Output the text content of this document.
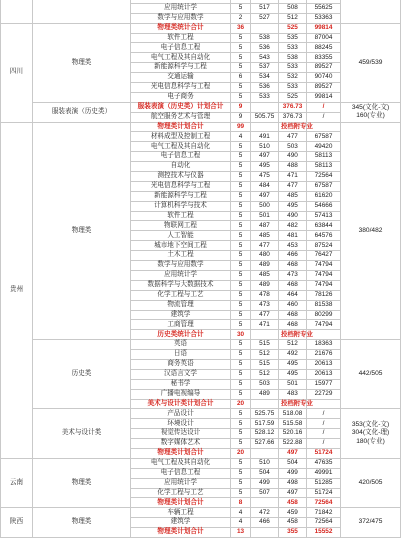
		应用统计学	5	517	508	55625	
		数学与应用数学	2	527	512	53363	
四川	物理类	物理类统计合计	36		525	99814	459/539

		软件工程	5	538	535	87004	
		电子信息工程	5	536	533	88245	
		电气工程及其自动化	5	543	538	83355	
		新能源科学与工程	5	537	533	89527	
		交通运输	6	534	532	90740	
		光电信息科学与工程	5	536	533	89527	
		电子商务	5	533	525	99814	
	服装表演（历史类）	服装表演（历史类）计划合计	9		376.73	/	345(文化-文)
160(专业)

		航空服务艺术与管理	9	505.75	376.73	/	
贵州	物理类	物理类计划合计	99		投档附专业		380/482

		材料成型及控制工程	4	491	477	67587	
		电气工程及其自动化	5	510	503	49420	
		电子信息工程	5	497	490	58113	
		自动化	5	495	488	58113	
		测控技术与仪器	5	475	471	72564	
		光电信息科学与工程	5	484	477	67587	
		新能源科学与工程	5	497	485	61620	
		计算机科学与技术	5	500	495	54666	
		软件工程	5	501	490	57413	
		物联网工程	5	487	482	63844	
		人工智能	5	485	481	64576	
		城市地下空间工程	5	477	453	87524	
		土木工程	5	480	466	76427	
		数学与应用数学	5	489	468	74794	
		应用统计学	5	485	473	74794	
		数据科学与大数据技术	5	489	468	74794	
		化学工程与工艺	5	478	464	78126	
		物流管理	5	473	460	81538	
		建筑学	5	477	468	80299	
		工商管理	5	471	468	74794	
		历史类统计合计	30		投档附专业		
	历史类	英语	5	515	512	18363	442/505

		日语	5	512	492	21676	
		商务英语	5	515	495	20613	
		汉语言文学	5	512	495	20613	
		秘书学	5	503	501	15977	
		广播电视编导	5	489	483	22729	
		美术与设计类计划合计	20		投档附专业		
	美术与设计类	产品设计	5	525.75	518.08	/	353(文化-文)
304(文化-理)
180(专业)

		环境设计	5	517.59	515.58	/	
		视觉传达设计	5	528.12	520.16	/	
		数字媒体艺术	5	527.66	522.88	/	
		物理类计划合计	20		497	51724	
云南	物理类	电气工程及其自动化	5	510	504	47635	420/505

		电子信息工程	5	504	499	49991	
		应用统计学	5	499	498	51285	
		化学工程与工艺	5	507	497	51724	
		物理类计划合计	8		458	72564	
陕西	物理类	车辆工程	4	472	459	71842	372/475

		建筑学	4	466	458	72564	
		物理类计划合计	13		355	15552	
